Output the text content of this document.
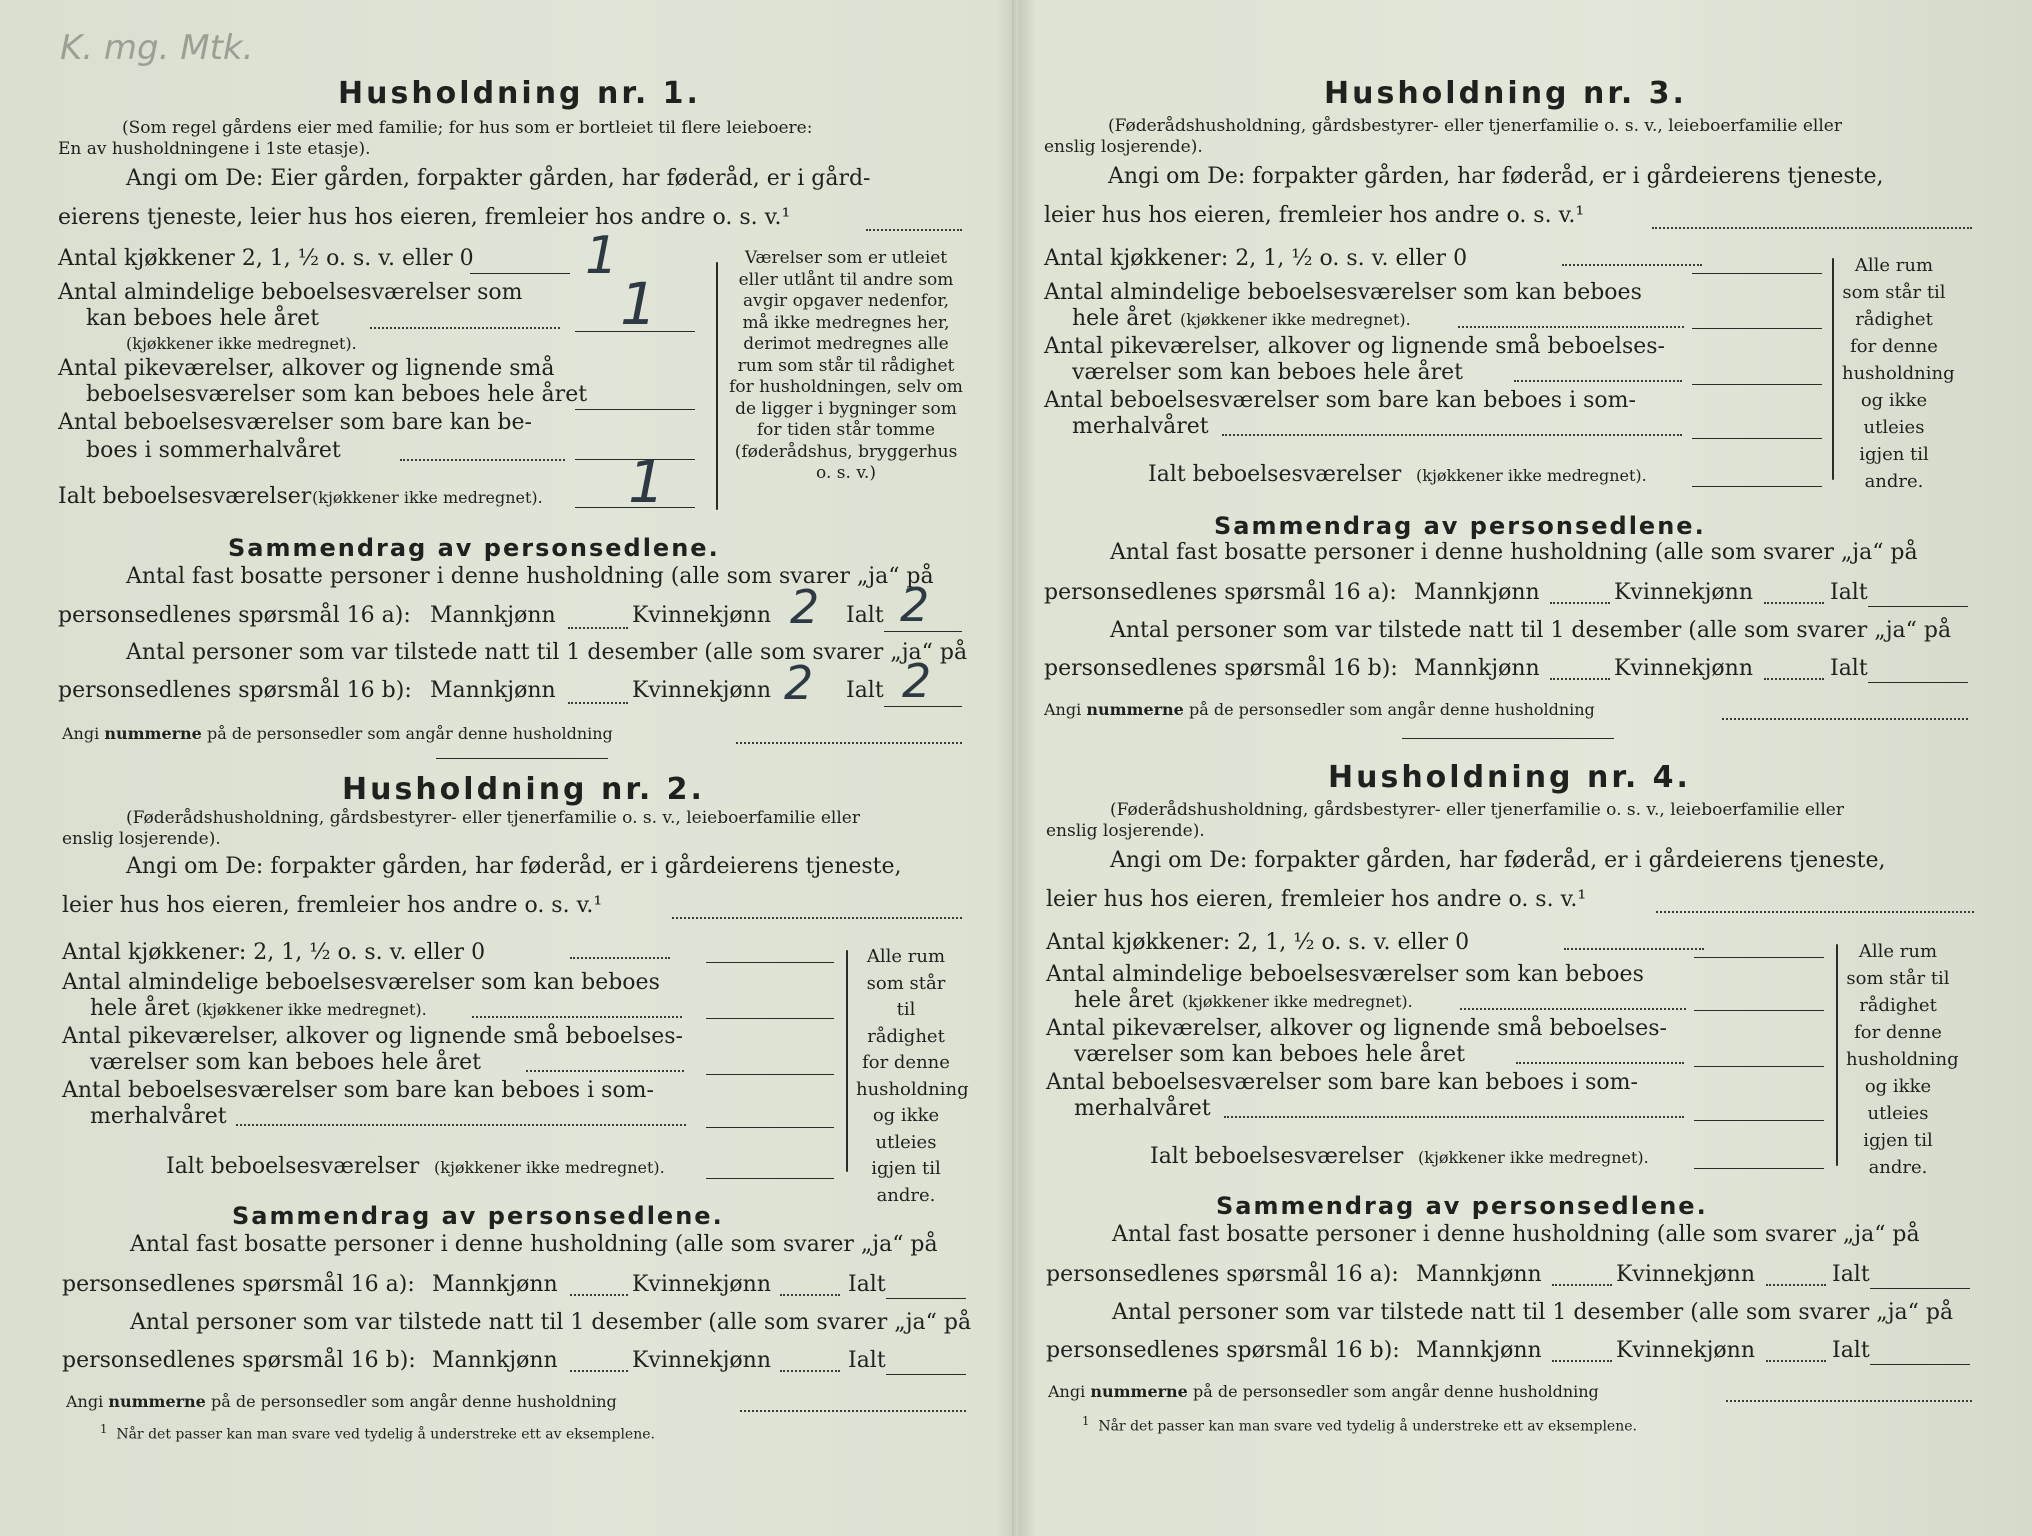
K. mg. Mtk.
Husholdning nr. 1.
(Som regel gårdens eier med familie; for hus som er bortleiet til flere leieboere:
En av husholdningene i 1ste etasje).
Angi om De: Eier gården, forpakter gården, har føderåd, er i gård-
eierens tjeneste, leier hus hos eieren, fremleier hos andre o. s. v.¹
Antal kjøkkener 2, 1, ½ o. s. v. eller 0 1
Antal almindelige beboelsesværelser som
kan beboes hele året
(kjøkkener ikke medregnet).
1
Antal pikeværelser, alkover og lignende små
beboelsesværelser som kan beboes hele året
Antal beboelsesværelser som bare kan be-
boes i sommerhalvåret
Ialt beboelsesværelser (kjøkkener ikke medregnet). 1
Værelser som er utleiet eller utlånt til andre som avgir opgaver nedenfor, må ikke medregnes her, derimot medregnes alle rum som står til rådighet for husholdningen, selv om de ligger i bygninger som for tiden står tomme (føderådshus, bryggerhus o. s. v.)
Sammendrag av personsedlene.
Antal fast bosatte personer i denne husholdning (alle som svarer „ja“ på
personsedlenes spørsmål 16 a): Mannkjønn	Kvinnekjønn 2 Ialt 2
Antal personer som var tilstede natt til 1 desember (alle som svarer „ja“ på
personsedlenes spørsmål 16 b): Mannkjønn	Kvinnekjønn 2 Ialt 2
Angi nummerne på de personsedler som angår denne husholdning
Husholdning nr. 2.
(Føderådshusholdning, gårdsbestyrer- eller tjenerfamilie o. s. v., leieboerfamilie eller
enslig losjerende).
Angi om De: forpakter gården, har føderåd, er i gårdeierens tjeneste,
leier hus hos eieren, fremleier hos andre o. s. v.¹
Antal kjøkkener: 2, 1, ½ o. s. v. eller 0
Antal almindelige beboelsesværelser som kan beboes
hele året (kjøkkener ikke medregnet).
Antal pikeværelser, alkover og lignende små beboelses-
værelser som kan beboes hele året
Antal beboelsesværelser som bare kan beboes i som-
merhalvåret
Ialt beboelsesværelser (kjøkkener ikke medregnet).
Alle rum som står til rådighet for denne husholdning og ikke utleies igjen til andre.
Sammendrag av personsedlene.
Antal fast bosatte personer i denne husholdning (alle som svarer „ja“ på
personsedlenes spørsmål 16 a): Mannkjønn	Kvinnekjønn	Ialt
Antal personer som var tilstede natt til 1 desember (alle som svarer „ja“ på
personsedlenes spørsmål 16 b): Mannkjønn	Kvinnekjønn	Ialt
Angi nummerne på de personsedler som angår denne husholdning
$^1$ Når det passer kan man svare ved tydelig å understreke ett av eksemplene.
Husholdning nr. 3.
(Føderådshusholdning, gårdsbestyrer- eller tjenerfamilie o. s. v., leieboerfamilie eller
enslig losjerende).
Angi om De: forpakter gården, har føderåd, er i gårdeierens tjeneste,
leier hus hos eieren, fremleier hos andre o. s. v.¹
Antal kjøkkener: 2, 1, ½ o. s. v. eller 0
Antal almindelige beboelsesværelser som kan beboes
hele året (kjøkkener ikke medregnet).
Antal pikeværelser, alkover og lignende små beboelses-
værelser som kan beboes hele året
Antal beboelsesværelser som bare kan beboes i som-
merhalvåret
Ialt beboelsesværelser (kjøkkener ikke medregnet).
Alle rum som står til rådighet for denne husholdning og ikke utleies igjen til andre.
Sammendrag av personsedlene.
Antal fast bosatte personer i denne husholdning (alle som svarer „ja“ på
personsedlenes spørsmål 16 a): Mannkjønn	Kvinnekjønn	Ialt
Antal personer som var tilstede natt til 1 desember (alle som svarer „ja“ på
personsedlenes spørsmål 16 b): Mannkjønn	Kvinnekjønn	Ialt
Angi nummerne på de personsedler som angår denne husholdning
Husholdning nr. 4.
(Føderådshusholdning, gårdsbestyrer- eller tjenerfamilie o. s. v., leieboerfamilie eller
enslig losjerende).
Angi om De: forpakter gården, har føderåd, er i gårdeierens tjeneste,
leier hus hos eieren, fremleier hos andre o. s. v.¹
Antal kjøkkener: 2, 1, ½ o. s. v. eller 0
Antal almindelige beboelsesværelser som kan beboes
hele året (kjøkkener ikke medregnet).
Antal pikeværelser, alkover og lignende små beboelses-
værelser som kan beboes hele året
Antal beboelsesværelser som bare kan beboes i som-
merhalvåret
Ialt beboelsesværelser (kjøkkener ikke medregnet).
Alle rum som står til rådighet for denne husholdning og ikke utleies igjen til andre.
Sammendrag av personsedlene.
Antal fast bosatte personer i denne husholdning (alle som svarer „ja“ på
personsedlenes spørsmål 16 a): Mannkjønn	Kvinnekjønn	Ialt
Antal personer som var tilstede natt til 1 desember (alle som svarer „ja“ på
personsedlenes spørsmål 16 b): Mannkjønn	Kvinnekjønn	Ialt
Angi nummerne på de personsedler som angår denne husholdning
$^1$ Når det passer kan man svare ved tydelig å understreke ett av eksemplene.
